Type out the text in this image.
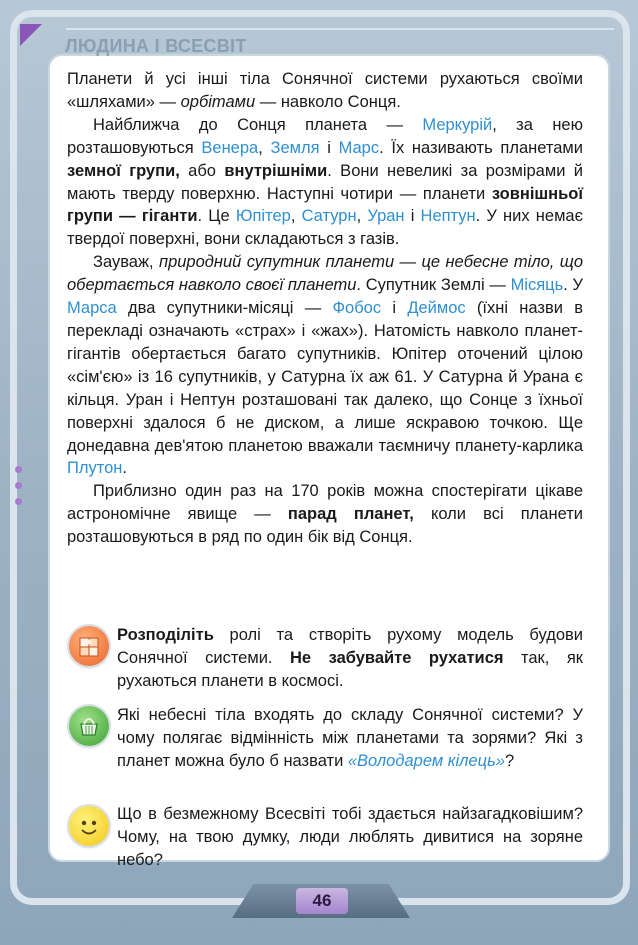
ЛЮДИНА І ВСЕСВІТ

Планети й усі інші тіла Сонячної системи рухаються своїми «шляхами» — орбітами — навколо Сонця.

Найближча до Сонця планета — Меркурій, за нею розташовуються Венера, Земля і Марс. Їх називають планетами земної групи, або внутрішніми. Вони невеликі за розмірами й мають тверду поверхню. Наступні чотири — планети зовнішньої групи — гіганти. Це Юпітер, Сатурн, Уран і Нептун. У них немає твердої поверхні, вони складаються з газів.

Зауваж, природний супутник планети — це небесне тіло, що обертається навколо своєї планети. Супутник Землі — Місяць. У Марса два супутники-місяці — Фобос і Деймос (їхні назви в перекладі означають «страх» і «жах»). Натомість навколо планет-гігантів обертається багато супутників. Юпітер оточений цілою «сім'єю» із 16 супутників, у Сатурна їх аж 61. У Сатурна й Урана є кільця. Уран і Нептун розташовані так далеко, що Сонце з їхньої поверхні здалося б не диском, а лише яскравою точкою. Ще донедавна дев'ятою планетою вважали таємничу планету-карлика Плутон.

Приблизно один раз на 170 років можна спостерігати цікаве астрономічне явище — парад планет, коли всі планети розташовуються в ряд по один бік від Сонця.

Розподіліть ролі та створіть рухому модель будови Сонячної системи. Не забувайте рухатися так, як рухаються планети в космосі.
Які небесні тіла входять до складу Сонячної системи? У чому полягає відмінність між планетами та зорями? Які з планет можна було б назвати «Володарем кілець»?
Що в безмежному Всесвіті тобі здається найзагадковішим? Чому, на твою думку, люди люблять дивитися на зоряне небо?
46
